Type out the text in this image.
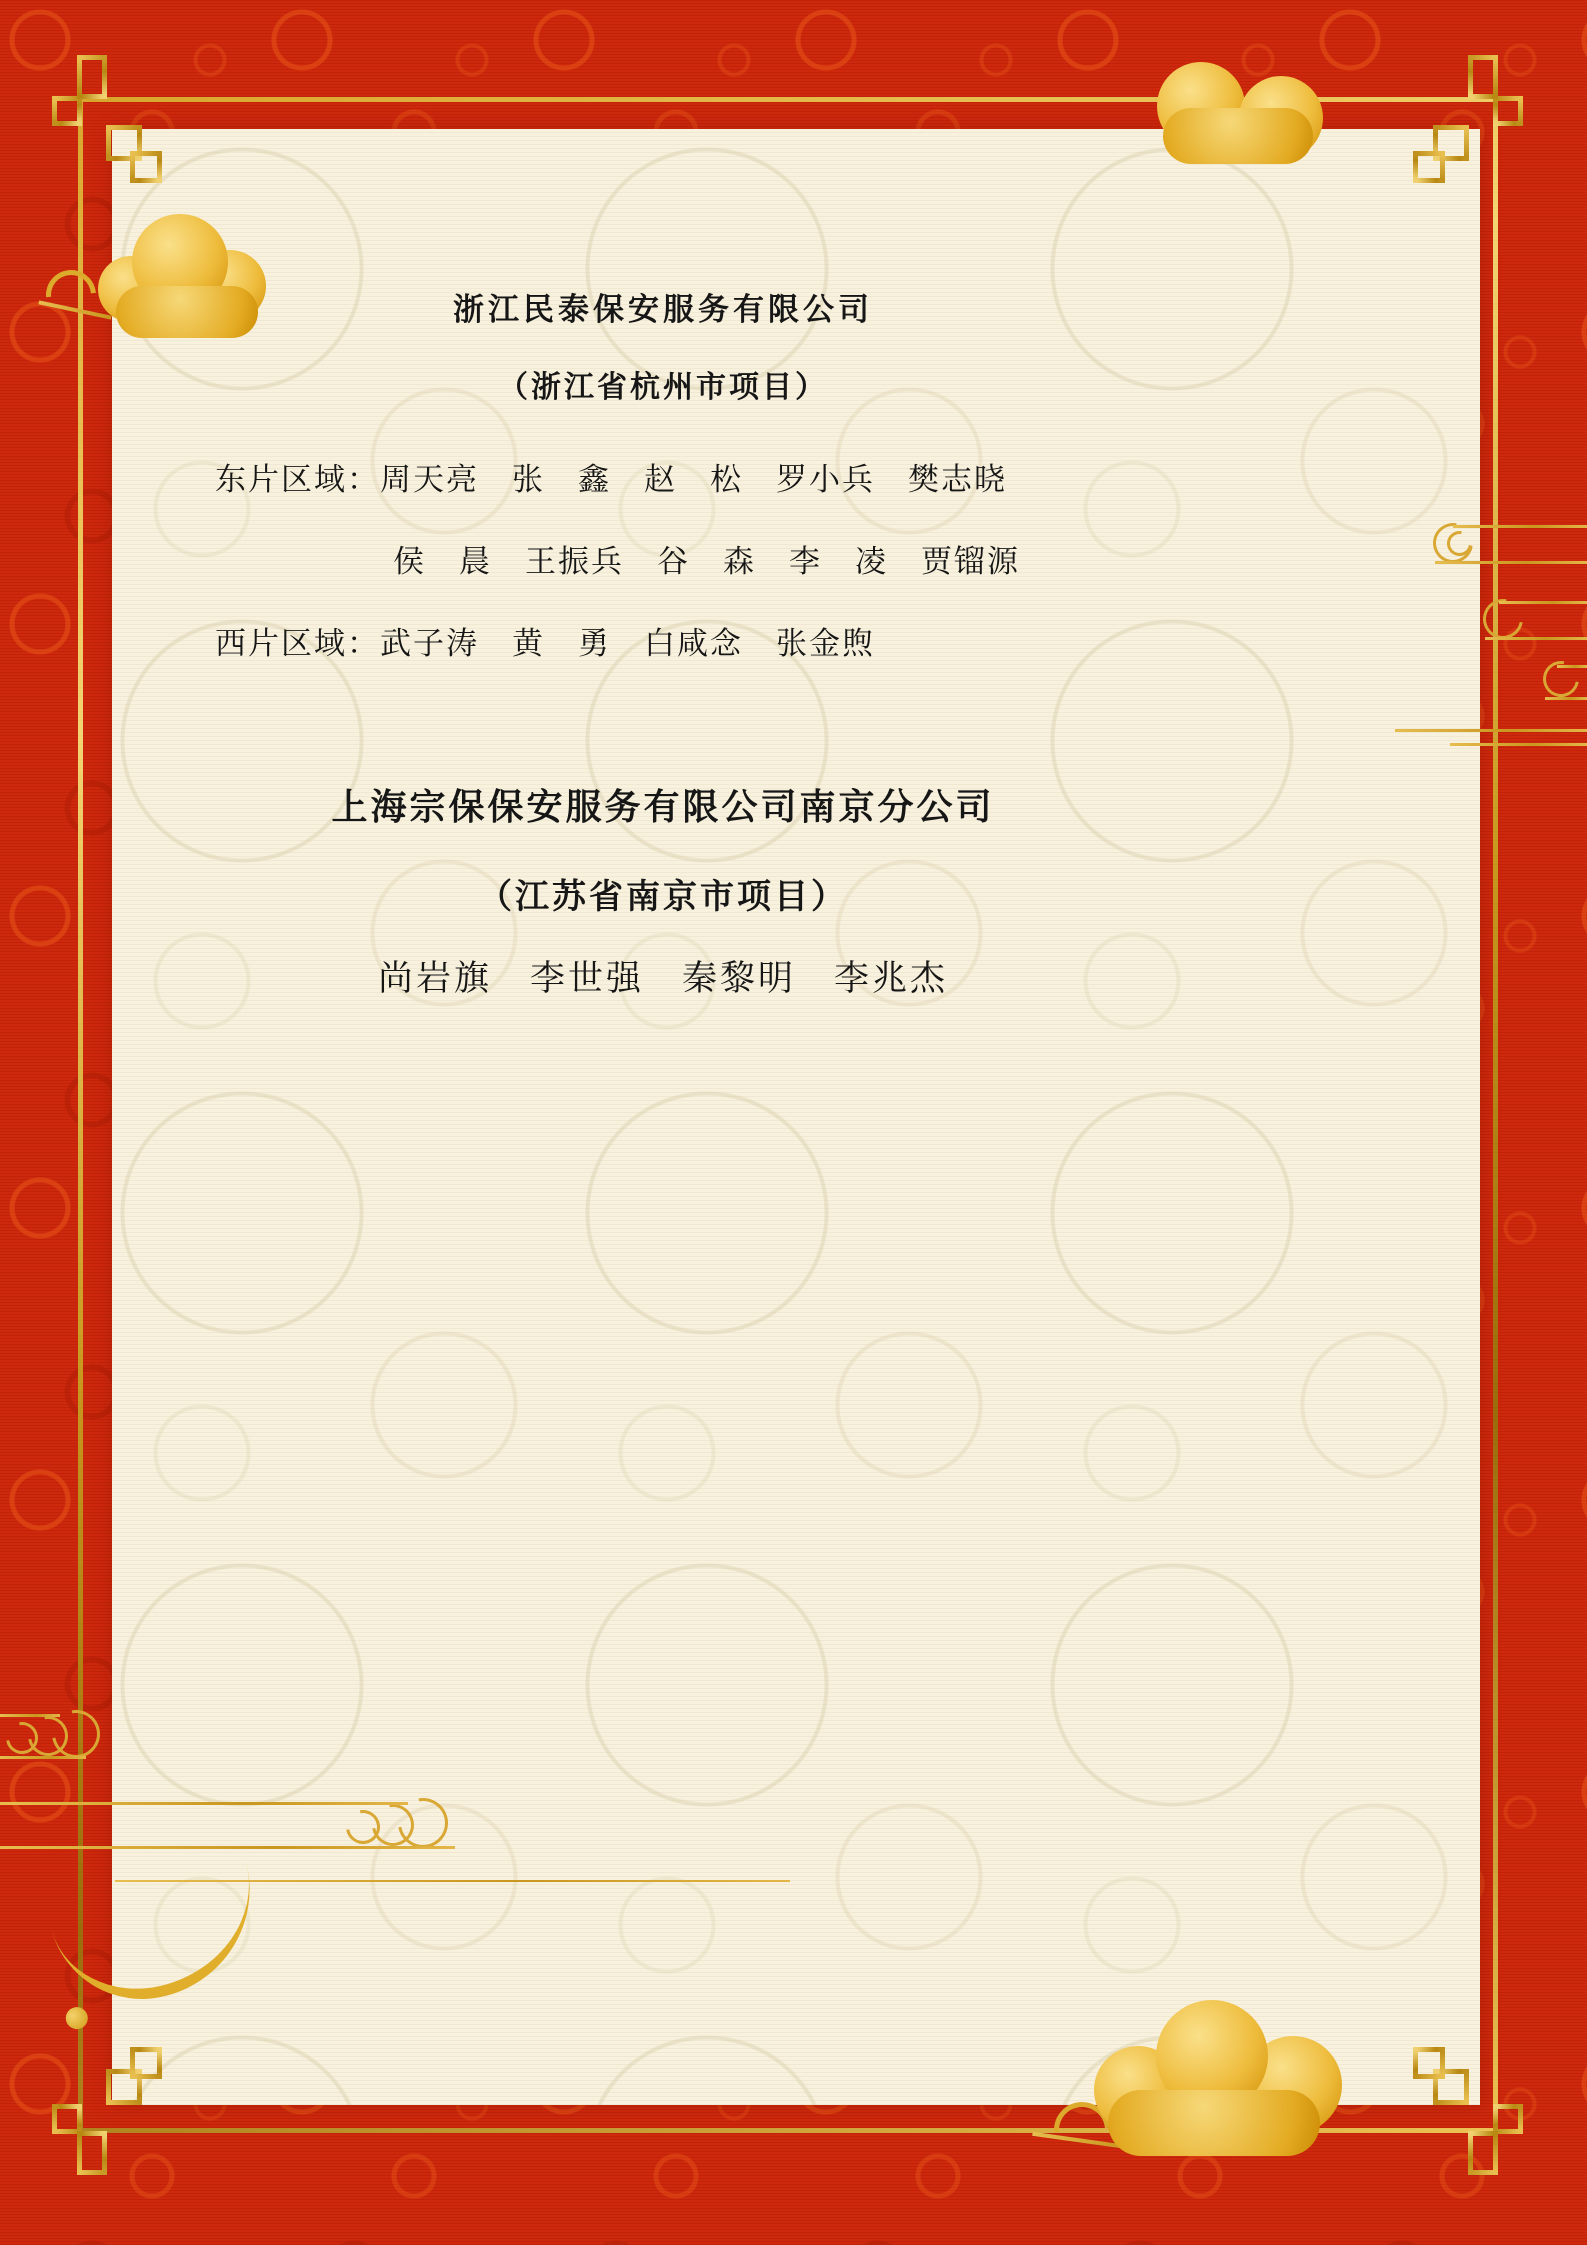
浙江民泰保安服务有限公司
（浙江省杭州市项目）
东片区域：周天亮　张　鑫　赵　松　罗小兵　樊志晓
侯　晨　王振兵　谷　森　李　凌　贾镏源
西片区域：武子涛　黄　勇　白咸念　张金煦
上海宗保保安服务有限公司南京分公司
（江苏省南京市项目）
尚岩旗　李世强　秦黎明　李兆杰
